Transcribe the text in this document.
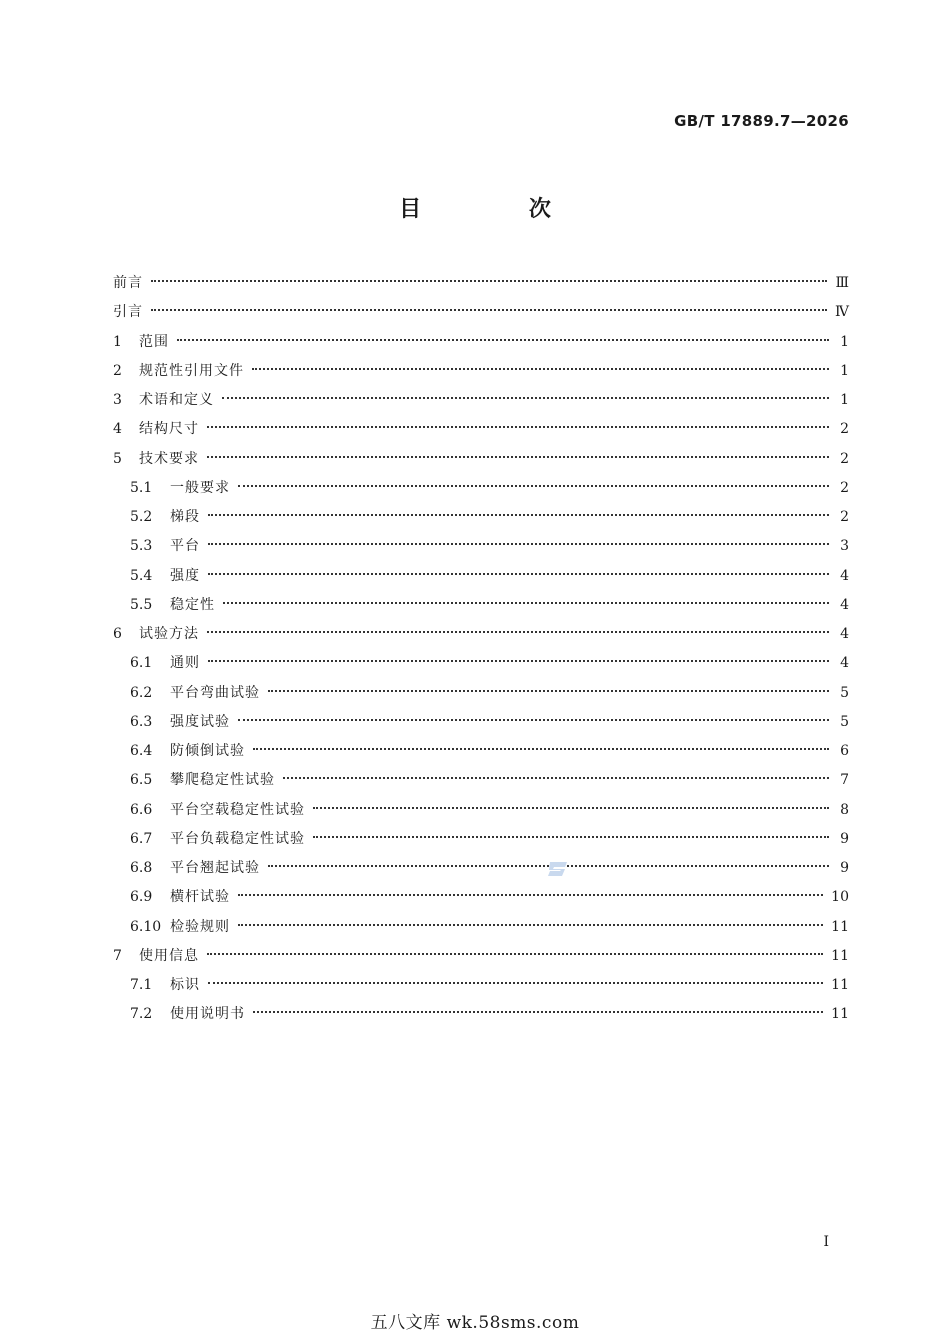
GB/T 17889.7—2026
目 次
前言	Ⅲ
引言	Ⅳ
1	范围	1
2	规范性引用文件	1
3	术语和定义	1
4	结构尺寸	2
5	技术要求	2
5.1	一般要求	2
5.2	梯段	2
5.3	平台	3
5.4	强度	4
5.5	稳定性	4
6	试验方法	4
6.1	通则	4
6.2	平台弯曲试验	5
6.3	强度试验	5
6.4	防倾倒试验	6
6.5	攀爬稳定性试验	7
6.6	平台空载稳定性试验	8
6.7	平台负载稳定性试验	9
6.8	平台翘起试验	9
6.9	横杆试验	10
6.10 检验规则	11
7	使用信息	11
7.1	标识	11
7.2	使用说明书	11
Ⅰ
五八文库 wk.58sms.com
